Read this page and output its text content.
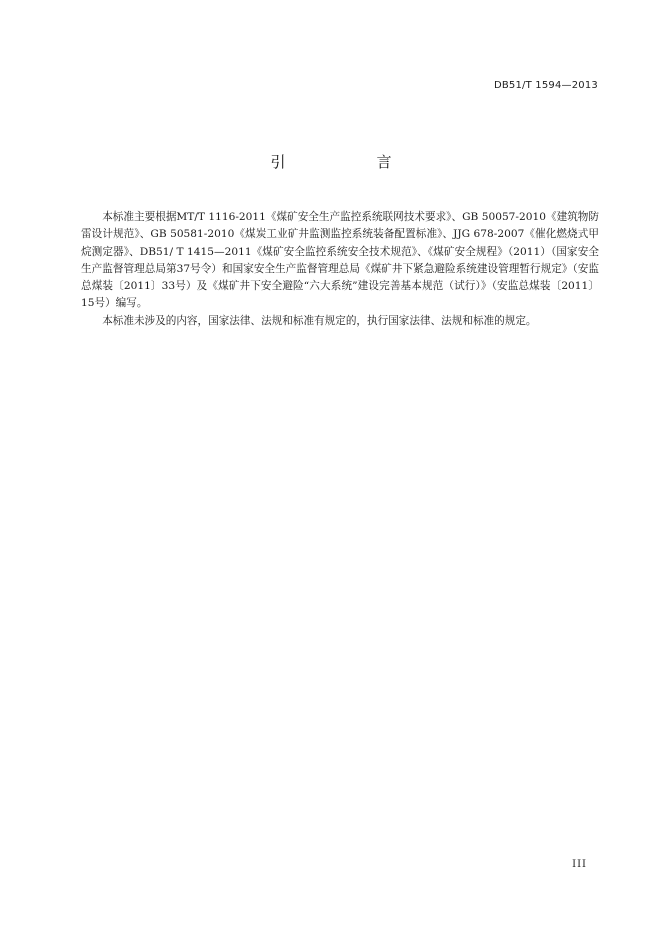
DB51/T 1594—2013
引　言

本标准主要根据MT/T 1116-2011《煤矿安全生产监控系统联网技术要求》、GB 50057-2010《建筑物防雷设计规范》、GB 50581-2010《煤炭工业矿井监测监控系统装备配置标准》、JJG 678-2007《催化燃烧式甲烷测定器》、DB51/ T 1415—2011《煤矿安全监控系统安全技术规范》、《煤矿安全规程》（2011）（国家安全生产监督管理总局第37号令）和国家安全生产监督管理总局《煤矿井下紧急避险系统建设管理暂行规定》（安监总煤装〔2011〕33号）及《煤矿井下安全避险“六大系统”建设完善基本规范（试行）》（安监总煤装〔2011〕15号）编写。

本标准未涉及的内容，国家法律、法规和标准有规定的，执行国家法律、法规和标准的规定。

III
